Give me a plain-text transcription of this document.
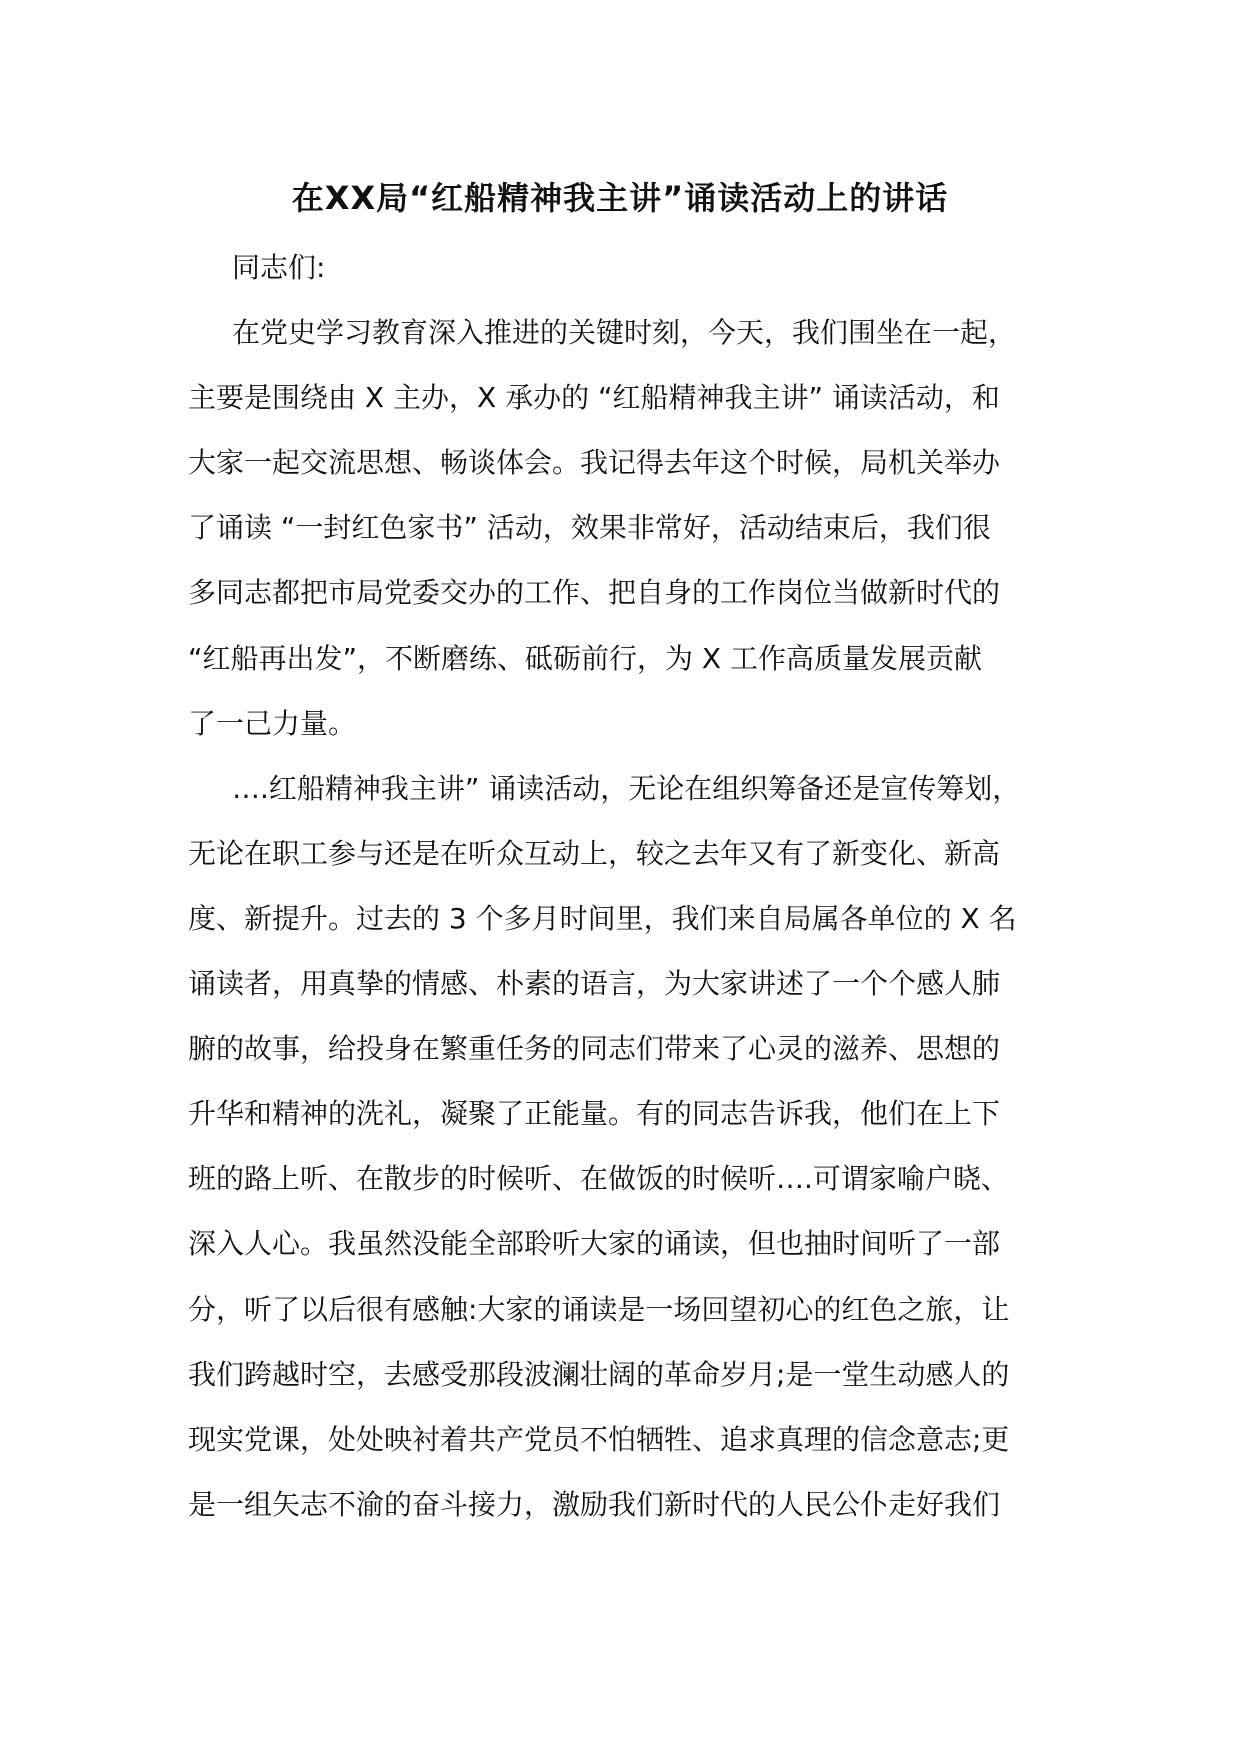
在XX局“红船精神我主讲”诵读活动上的讲话
同志们:
在党史学习教育深入推进的关键时刻，今天，我们围坐在一起，
主要是围绕由 X 主办，X 承办的 “红船精神我主讲” 诵读活动，和
大家一起交流思想、畅谈体会。我记得去年这个时候，局机关举办
了诵读 “一封红色家书” 活动，效果非常好，活动结束后，我们很
多同志都把市局党委交办的工作、把自身的工作岗位当做新时代的
“红船再出发”，不断磨练、砥砺前行，为 X 工作高质量发展贡献
了一己力量。
….红船精神我主讲” 诵读活动，无论在组织筹备还是宣传筹划，
无论在职工参与还是在听众互动上，较之去年又有了新变化、新高
度、新提升。过去的 3 个多月时间里，我们来自局属各单位的 X 名
诵读者，用真挚的情感、朴素的语言，为大家讲述了一个个感人肺
腑的故事，给投身在繁重任务的同志们带来了心灵的滋养、思想的
升华和精神的洗礼，凝聚了正能量。有的同志告诉我，他们在上下
班的路上听、在散步的时候听、在做饭的时候听….可谓家喻户晓、
深入人心。我虽然没能全部聆听大家的诵读，但也抽时间听了一部
分，听了以后很有感触:大家的诵读是一场回望初心的红色之旅，让
我们跨越时空，去感受那段波澜壮阔的革命岁月;是一堂生动感人的
现实党课，处处映衬着共产党员不怕牺牲、追求真理的信念意志;更
是一组矢志不渝的奋斗接力，激励我们新时代的人民公仆走好我们
